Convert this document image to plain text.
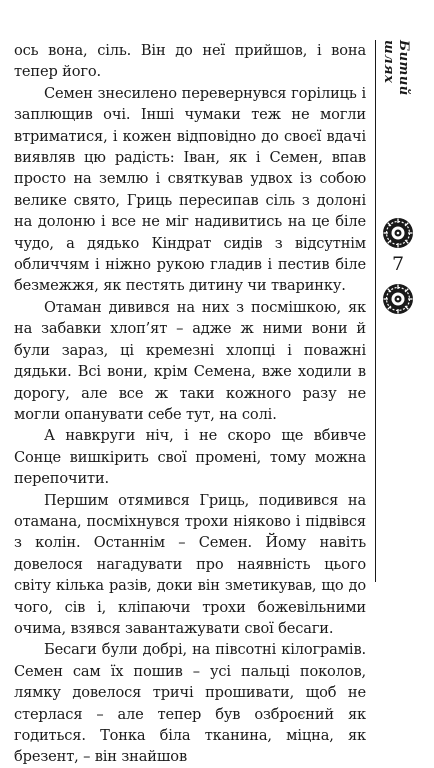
ось вона, сіль. Він до неї прийшов, і вона тепер його.

Семен знесилено перевернувся горілиць і заплющив очі. Інші чумаки теж не могли втриматися, і кожен відповідно до своєї вдачі виявляв цю радість: Іван, як і Семен, впав просто на землю і святкував удвох із собою велике свято, Гриць пересипав сіль з долоні на долоню і все не міг надивитись на це біле чудо, а дядько Кіндрат сидів з відсутнім обличчям і ніжно рукою гладив і пестив біле безмежжя, як пестять дитину чи тваринку.

Отаман дивився на них з посмішкою, як на забавки хлоп’ят – адже ж ними вони й були зараз, ці кремезні хлопці і поважні дядьки. Всі вони, крім Семена, вже ходили в дорогу, але все ж таки кожного разу не могли опанувати себе тут, на солі.

А навкруги ніч, і не скоро ще вбивче Сонце вишкірить свої промені, тому можна перепочити.

Першим отямився Гриць, подивився на отамана, посміхнувся трохи ніяково і підвівся з колін. Останнім – Семен. Йому навіть довелося нагадувати про наявність цього світу кілька разів, доки він зметикував, що до чого, сів і, кліпаючи трохи божевільними очима, взявся завантажувати свої бесаги.

Бесаги були добрі, на півсотні кілограмів. Семен сам їх пошив – усі пальці поколов, лямку довелося тричі прошивати, щоб не стерлася – але тепер був озброєний як годиться. Тонка біла тканина, міцна, як брезент, – він знайшов

Битий шлях
7
